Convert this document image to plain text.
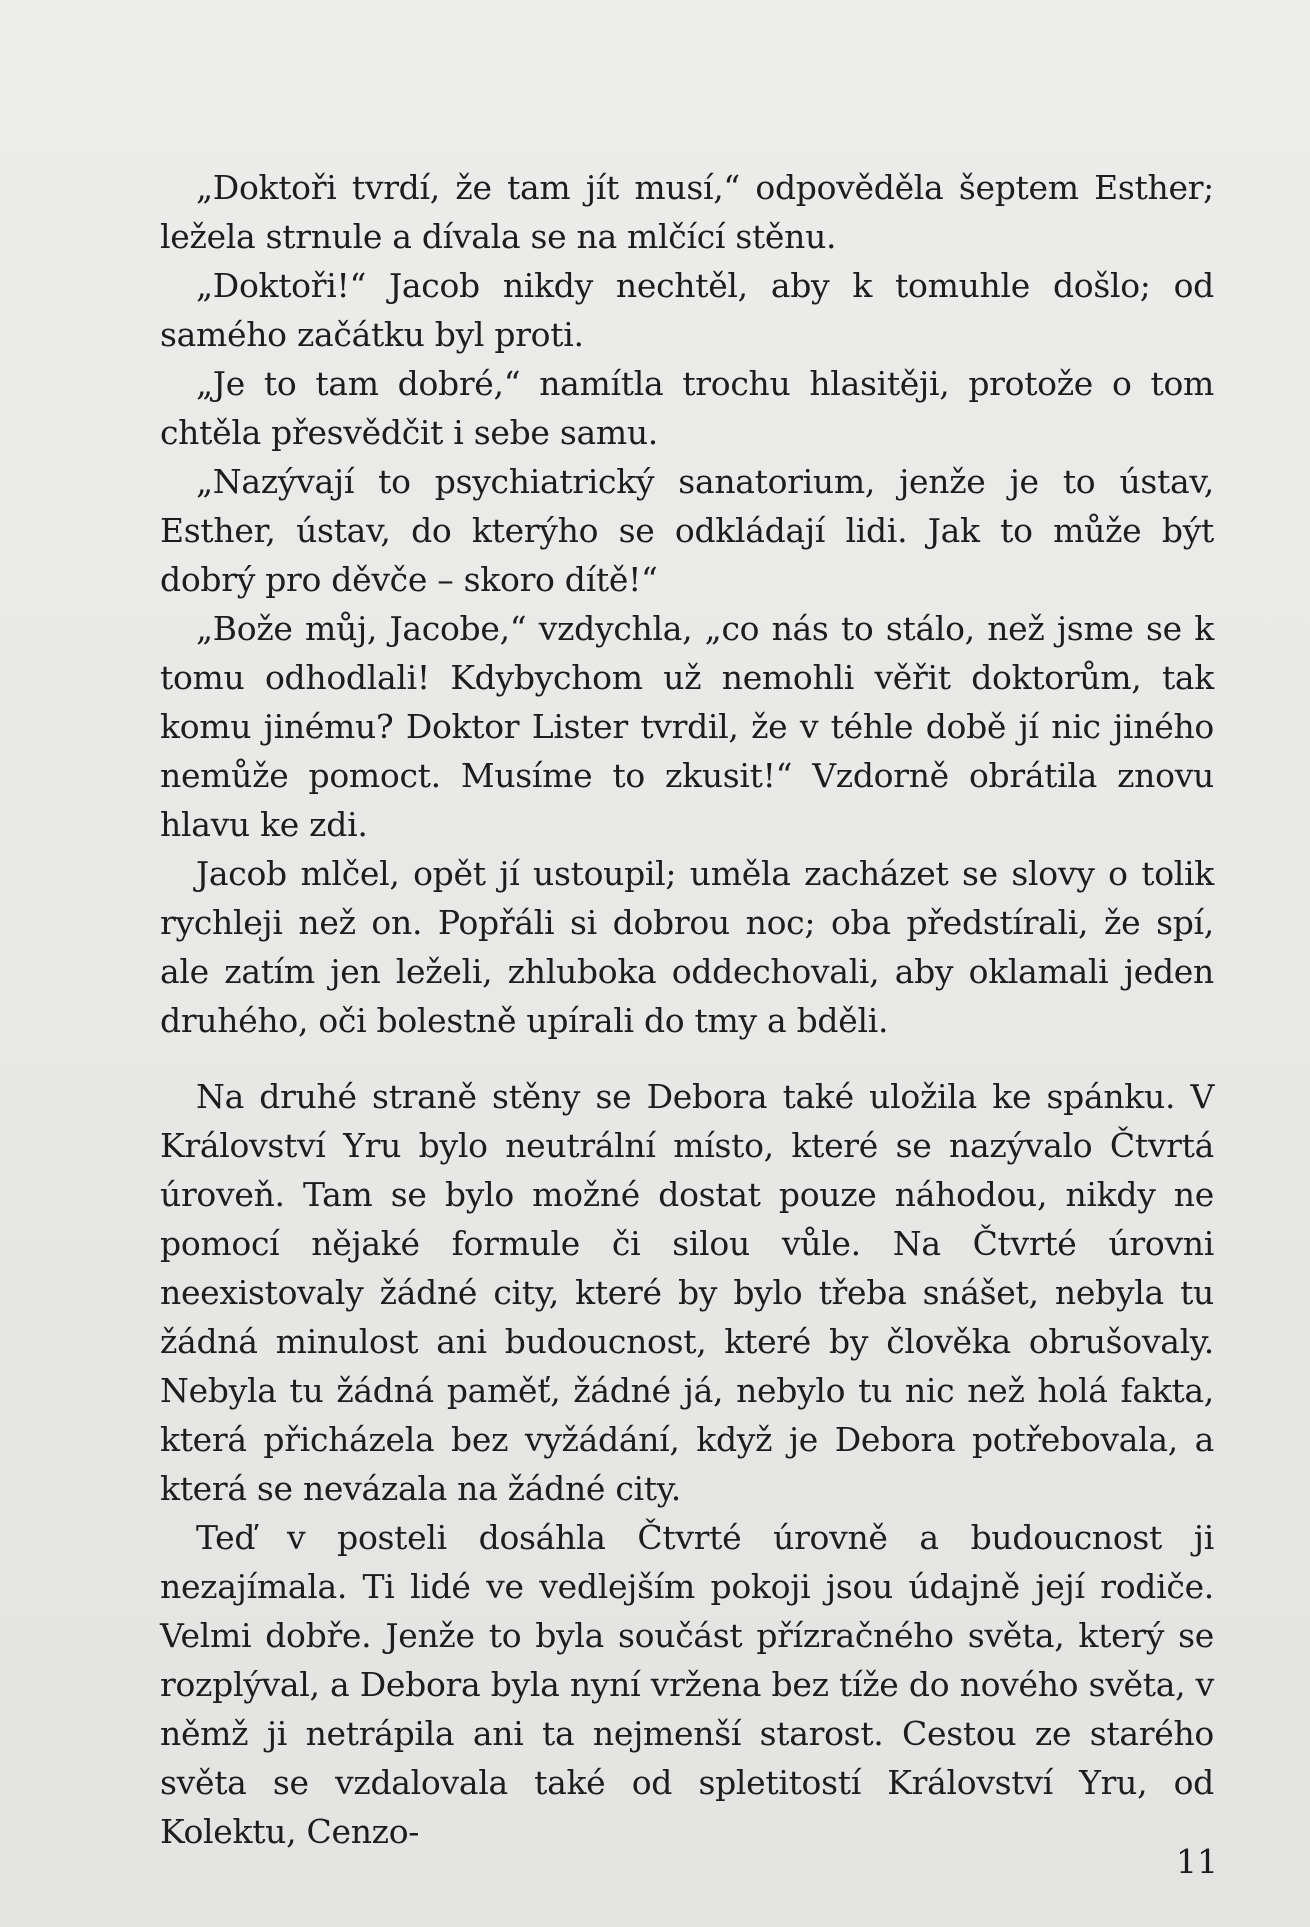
„Doktoři tvrdí, že tam jít musí,“ odpověděla šeptem Esther; ležela strnule a dívala se na mlčící stěnu.

„Doktoři!“ Jacob nikdy nechtěl, aby k tomuhle došlo; od samého začátku byl proti.

„Je to tam dobré,“ namítla trochu hlasitěji, protože o tom chtěla přesvědčit i sebe samu.

„Nazývají to psychiatrický sanatorium, jenže je to ústav, Esther, ústav, do kterýho se odkládají lidi. Jak to může být dobrý pro děvče – skoro dítě!“

„Bože můj, Jacobe,“ vzdychla, „co nás to stálo, než jsme se k tomu odhodlali! Kdybychom už nemohli věřit doktorům, tak komu jinému? Doktor Lister tvrdil, že v téhle době jí nic jiného nemůže pomoct. Musíme to zkusit!“ Vzdorně obrátila znovu hlavu ke zdi.

Jacob mlčel, opět jí ustoupil; uměla zacházet se slovy o tolik rychleji než on. Popřáli si dobrou noc; oba předstírali, že spí, ale zatím jen leželi, zhluboka oddechovali, aby oklamali jeden druhého, oči bolestně upírali do tmy a bděli.

Na druhé straně stěny se Debora také uložila ke spánku. V Království Yru bylo neutrální místo, které se nazývalo Čtvrtá úroveň. Tam se bylo možné dostat pouze náhodou, nikdy ne pomocí nějaké formule či silou vůle. Na Čtvrté úrovni neexistovaly žádné city, které by bylo třeba snášet, nebyla tu žádná minulost ani budoucnost, které by člověka obrušovaly. Nebyla tu žádná paměť, žádné já, nebylo tu nic než holá fakta, která přicházela bez vyžádání, když je Debora potřebovala, a která se nevázala na žádné city.

Teď v posteli dosáhla Čtvrté úrovně a budoucnost ji nezajímala. Ti lidé ve vedlejším pokoji jsou údajně její rodiče. Velmi dobře. Jenže to byla součást přízračného světa, který se rozplýval, a Debora byla nyní vržena bez tíže do nového světa, v němž ji netrápila ani ta nejmenší starost. Cestou ze starého světa se vzdalovala také od spletitostí Království Yru, od Kolektu, Cenzo-

11
